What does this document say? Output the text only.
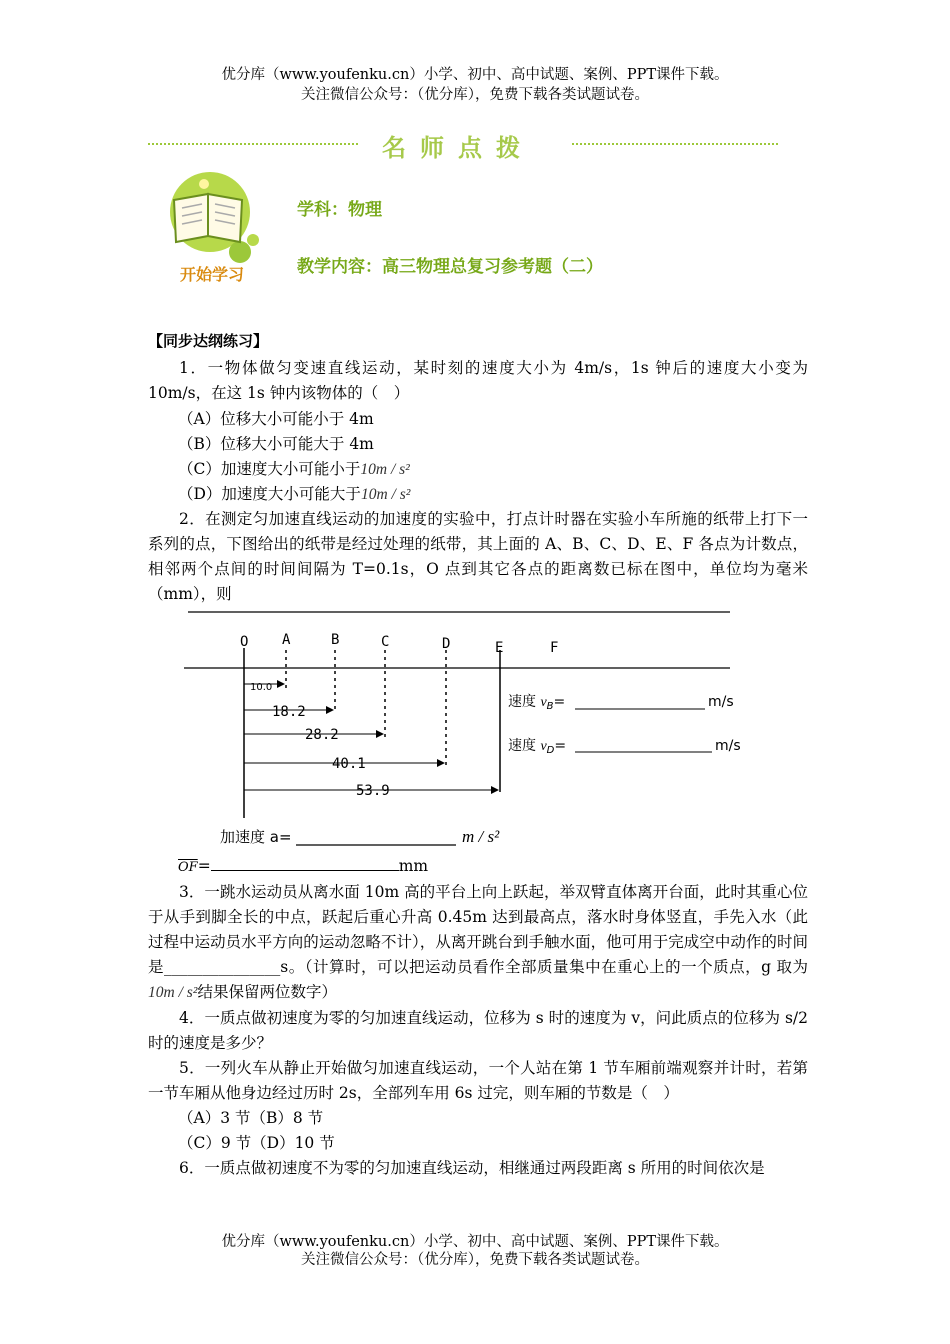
优分库（www.youfenku.cn）小学、初中、高中试题、案例、PPT课件下载。
关注微信公众号：（优分库），免费下载各类试题试卷。
名师点拨
开始学习
学科：物理
教学内容：高三物理总复习参考题（二）
【同步达纲练习】
1．一物体做匀变速直线运动，某时刻的速度大小为 4m/s，1s 钟后的速度大小变为 10m/s，在这 1s 钟内该物体的（　）
（A）位移大小可能小于 4m
（B）位移大小可能大于 4m
（C）加速度大小可能小于10m / s²
（D）加速度大小可能大于10m / s²
2．在测定匀加速直线运动的加速度的实验中，打点计时器在实验小车所施的纸带上打下一系列的点，下图给出的纸带是经过处理的纸带，其上面的 A、B、C、D、E、F 各点为计数点，相邻两个点间的时间间隔为 T=0.1s，O 点到其它各点的距离数已标在图中，单位均为毫米（mm），则
O A	B	C	D	E	F
10.0
18.2
28.2
40.1
53.9
速度 $v_B=$	m/s
速度 $v_D=$	m/s
加速度 a=	m / s²
$\overline{OF}=$	mm
3．一跳水运动员从离水面 10m 高的平台上向上跃起，举双臂直体离开台面，此时其重心位于从手到脚全长的中点，跃起后重心升高 0.45m 达到最高点，落水时身体竖直，手先入水（此过程中运动员水平方向的运动忽略不计），从离开跳台到手触水面，他可用于完成空中动作的时间是_______________s。（计算时，可以把运动员看作全部质量集中在重心上的一个质点，g 取为10m / s²结果保留两位数字）
4．一质点做初速度为零的匀加速直线运动，位移为 s 时的速度为 v，问此质点的位移为 s/2 时的速度是多少？
5．一列火车从静止开始做匀加速直线运动，一个人站在第 1 节车厢前端观察并计时，若第一节车厢从他身边经过历时 2s，全部列车用 6s 过完，则车厢的节数是（　）
（A）3 节（B）8 节
（C）9 节（D）10 节
6．一质点做初速度不为零的匀加速直线运动，相继通过两段距离 s 所用的时间依次是
优分库（www.youfenku.cn）小学、初中、高中试题、案例、PPT课件下载。
关注微信公众号：（优分库），免费下载各类试题试卷。
